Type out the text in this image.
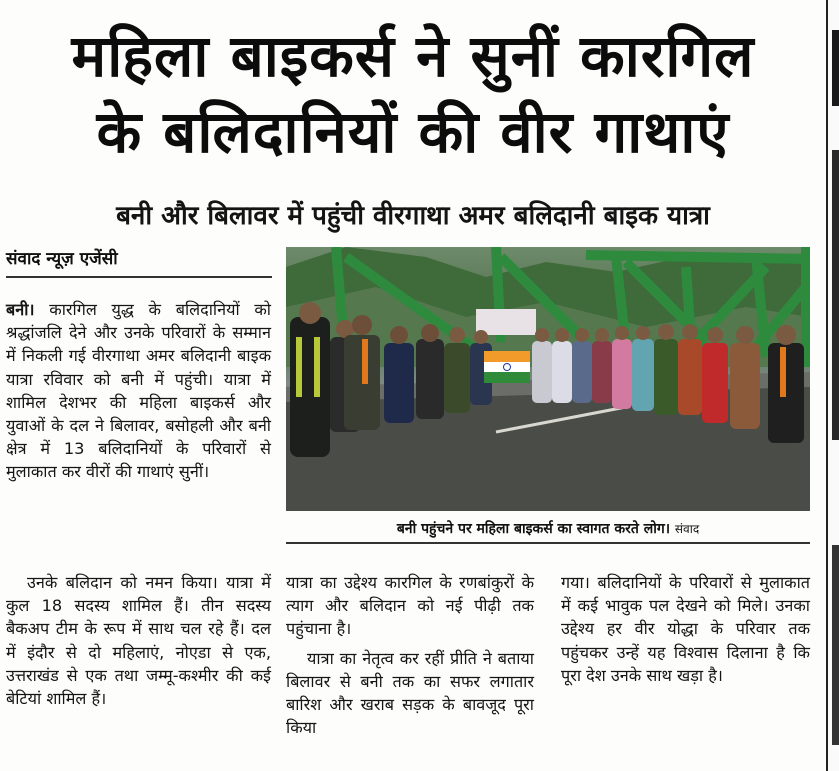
महिला बाइकर्स ने सुनीं कारगिल
के बलिदानियों की वीर गाथाएं
बनी और बिलावर में पहुंची वीरगाथा अमर बलिदानी बाइक यात्रा
संवाद न्यूज़ एजेंसी
बनी पहुंचने पर महिला बाइकर्स का स्वागत करते लोग। संवाद

बनी। कारगिल युद्ध के बलिदानियों को श्रद्धांजलि देने और उनके परिवारों के सम्मान में निकली गई वीरगाथा अमर बलिदानी बाइक यात्रा रविवार को बनी में पहुंची। यात्रा में शामिल देशभर की महिला बाइकर्स और युवाओं के दल ने बिलावर, बसोहली और बनी क्षेत्र में 13 बलिदानियों के परिवारों से मुलाकात कर वीरों की गाथाएं सुनीं।

उनके बलिदान को नमन किया। यात्रा में कुल 18 सदस्य शामिल हैं। तीन सदस्य बैकअप टीम के रूप में साथ चल रहे हैं। दल में इंदौर से दो महिलाएं, नोएडा से एक, उत्तराखंड से एक तथा जम्मू-कश्मीर की कई बेटियां शामिल हैं।

यात्रा का उद्देश्य कारगिल के रणबांकुरों के त्याग और बलिदान को नई पीढ़ी तक पहुंचाना है।

यात्रा का नेतृत्व कर रहीं प्रीति ने बताया बिलावर से बनी तक का सफर लगातार बारिश और खराब सड़क के बावजूद पूरा किया

गया। बलिदानियों के परिवारों से मुलाकात में कई भावुक पल देखने को मिले। उनका उद्देश्य हर वीर योद्धा के परिवार तक पहुंचकर उन्हें यह विश्वास दिलाना है कि पूरा देश उनके साथ खड़ा है।
